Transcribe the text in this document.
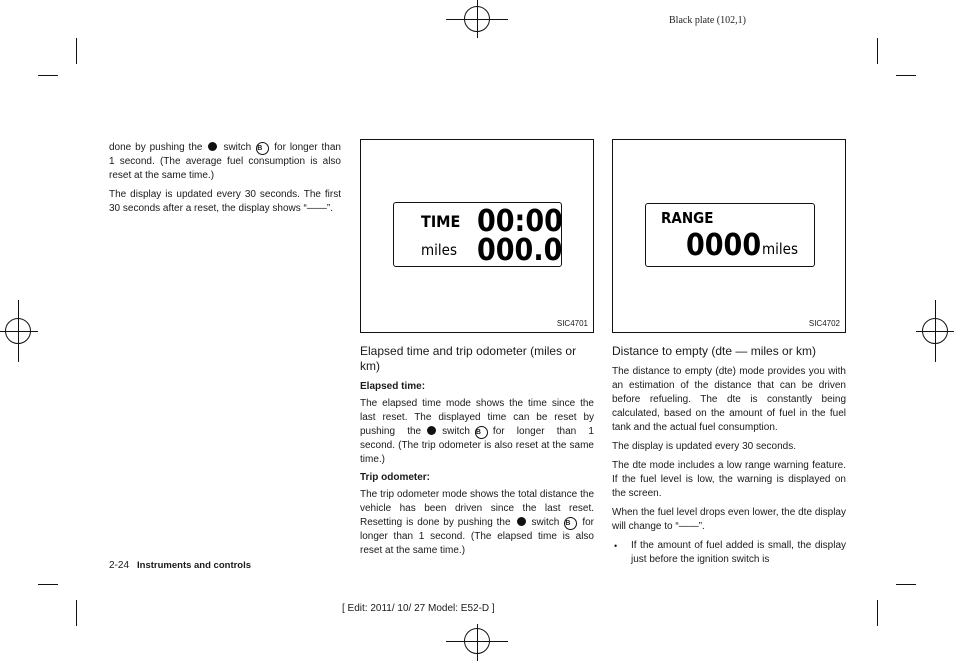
Black plate (102,1)
[ Edit: 2011/ 10/ 27 Model: E52-D ]

done by pushing the switch B for longer than 1 second. (The average fuel consumption is also reset at the same time.)

The display is updated every 30 seconds. The first 30 seconds after a reset, the display shows “——”.

TIME 00:00
miles 000.0
SIC4701
RANGE
0000 miles
SIC4702
Elapsed time and trip odometer (miles or km)
Elapsed time:

The elapsed time mode shows the time since the last reset. The displayed time can be reset by pushing the switch B for longer than 1 second. (The trip odometer is also reset at the same time.)

Trip odometer:

The trip odometer mode shows the total distance the vehicle has been driven since the last reset. Resetting is done by pushing the switch B for longer than 1 second. (The elapsed time is also reset at the same time.)

Distance to empty (dte — miles or km)

The distance to empty (dte) mode provides you with an estimation of the distance that can be driven before refueling. The dte is constantly being calculated, based on the amount of fuel in the fuel tank and the actual fuel consumption.

The display is updated every 30 seconds.

The dte mode includes a low range warning feature. If the fuel level is low, the warning is displayed on the screen.

When the fuel level drops even lower, the dte display will change to “——”.

• If the amount of fuel added is small, the display just before the ignition switch is

2-24 Instruments and controls
